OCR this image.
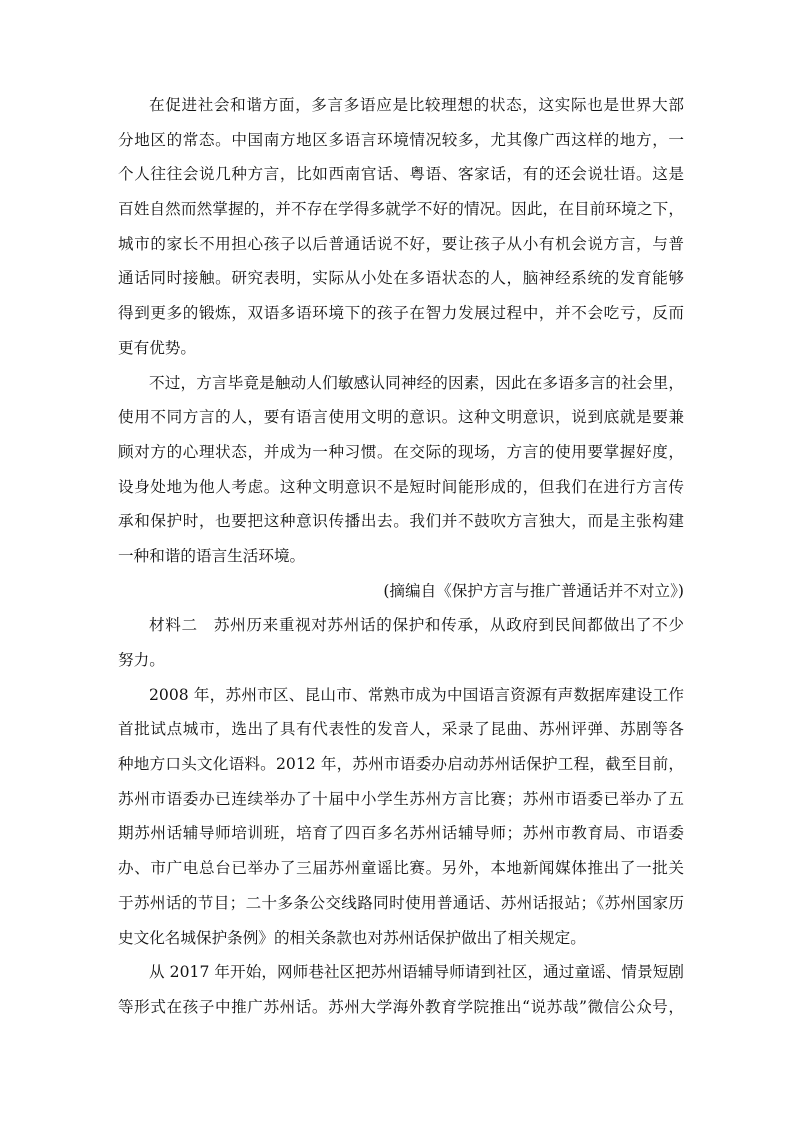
在促进社会和谐方面，多言多语应是比较理想的状态，这实际也是世界大部
分地区的常态。中国南方地区多语言环境情况较多，尤其像广西这样的地方，一
个人往往会说几种方言，比如西南官话、粤语、客家话，有的还会说壮语。这是
百姓自然而然掌握的，并不存在学得多就学不好的情况。因此，在目前环境之下，
城市的家长不用担心孩子以后普通话说不好，要让孩子从小有机会说方言，与普
通话同时接触。研究表明，实际从小处在多语状态的人，脑神经系统的发育能够
得到更多的锻炼，双语多语环境下的孩子在智力发展过程中，并不会吃亏，反而
更有优势。
不过，方言毕竟是触动人们敏感认同神经的因素，因此在多语多言的社会里，
使用不同方言的人，要有语言使用文明的意识。这种文明意识，说到底就是要兼
顾对方的心理状态，并成为一种习惯。在交际的现场，方言的使用要掌握好度，
设身处地为他人考虑。这种文明意识不是短时间能形成的，但我们在进行方言传
承和保护时，也要把这种意识传播出去。我们并不鼓吹方言独大，而是主张构建
一种和谐的语言生活环境。
(摘编自《保护方言与推广普通话并不对立》)
材料二　苏州历来重视对苏州话的保护和传承，从政府到民间都做出了不少
努力。
2008 年，苏州市区、昆山市、常熟市成为中国语言资源有声数据库建设工作
首批试点城市，选出了具有代表性的发音人，采录了昆曲、苏州评弹、苏剧等各
种地方口头文化语料。2012 年，苏州市语委办启动苏州话保护工程，截至目前，
苏州市语委办已连续举办了十届中小学生苏州方言比赛；苏州市语委已举办了五
期苏州话辅导师培训班，培育了四百多名苏州话辅导师；苏州市教育局、市语委
办、市广电总台已举办了三届苏州童谣比赛。另外，本地新闻媒体推出了一批关
于苏州话的节目；二十多条公交线路同时使用普通话、苏州话报站；《苏州国家历
史文化名城保护条例》的相关条款也对苏州话保护做出了相关规定。
从 2017 年开始，网师巷社区把苏州语辅导师请到社区，通过童谣、情景短剧
等形式在孩子中推广苏州话。苏州大学海外教育学院推出“说苏哉”微信公众号，
